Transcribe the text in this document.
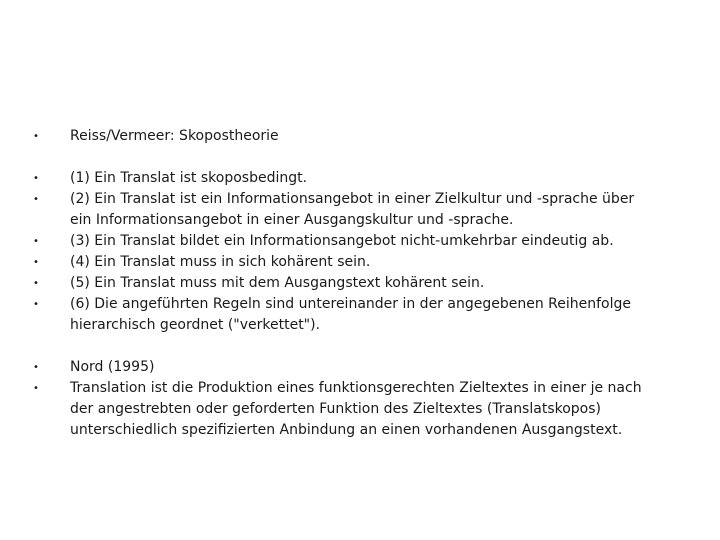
• Reiss/Vermeer: Skopostheorie
• (1) Ein Translat ist skoposbedingt.
• (2) Ein Translat ist ein Informationsangebot in einer Zielkultur und -sprache über
ein Informationsangebot in einer Ausgangskultur und -sprache.
• (3) Ein Translat bildet ein Informationsangebot nicht-umkehrbar eindeutig ab.
• (4) Ein Translat muss in sich kohärent sein.
• (5) Ein Translat muss mit dem Ausgangstext kohärent sein.
• (6) Die angeführten Regeln sind untereinander in der angegebenen Reihenfolge
hierarchisch geordnet ("verkettet").
• Nord (1995)
• Translation ist die Produktion eines funktionsgerechten Zieltextes in einer je nach
der angestrebten oder geforderten Funktion des Zieltextes (Translatskopos)
unterschiedlich spezifizierten Anbindung an einen vorhandenen Ausgangstext.
